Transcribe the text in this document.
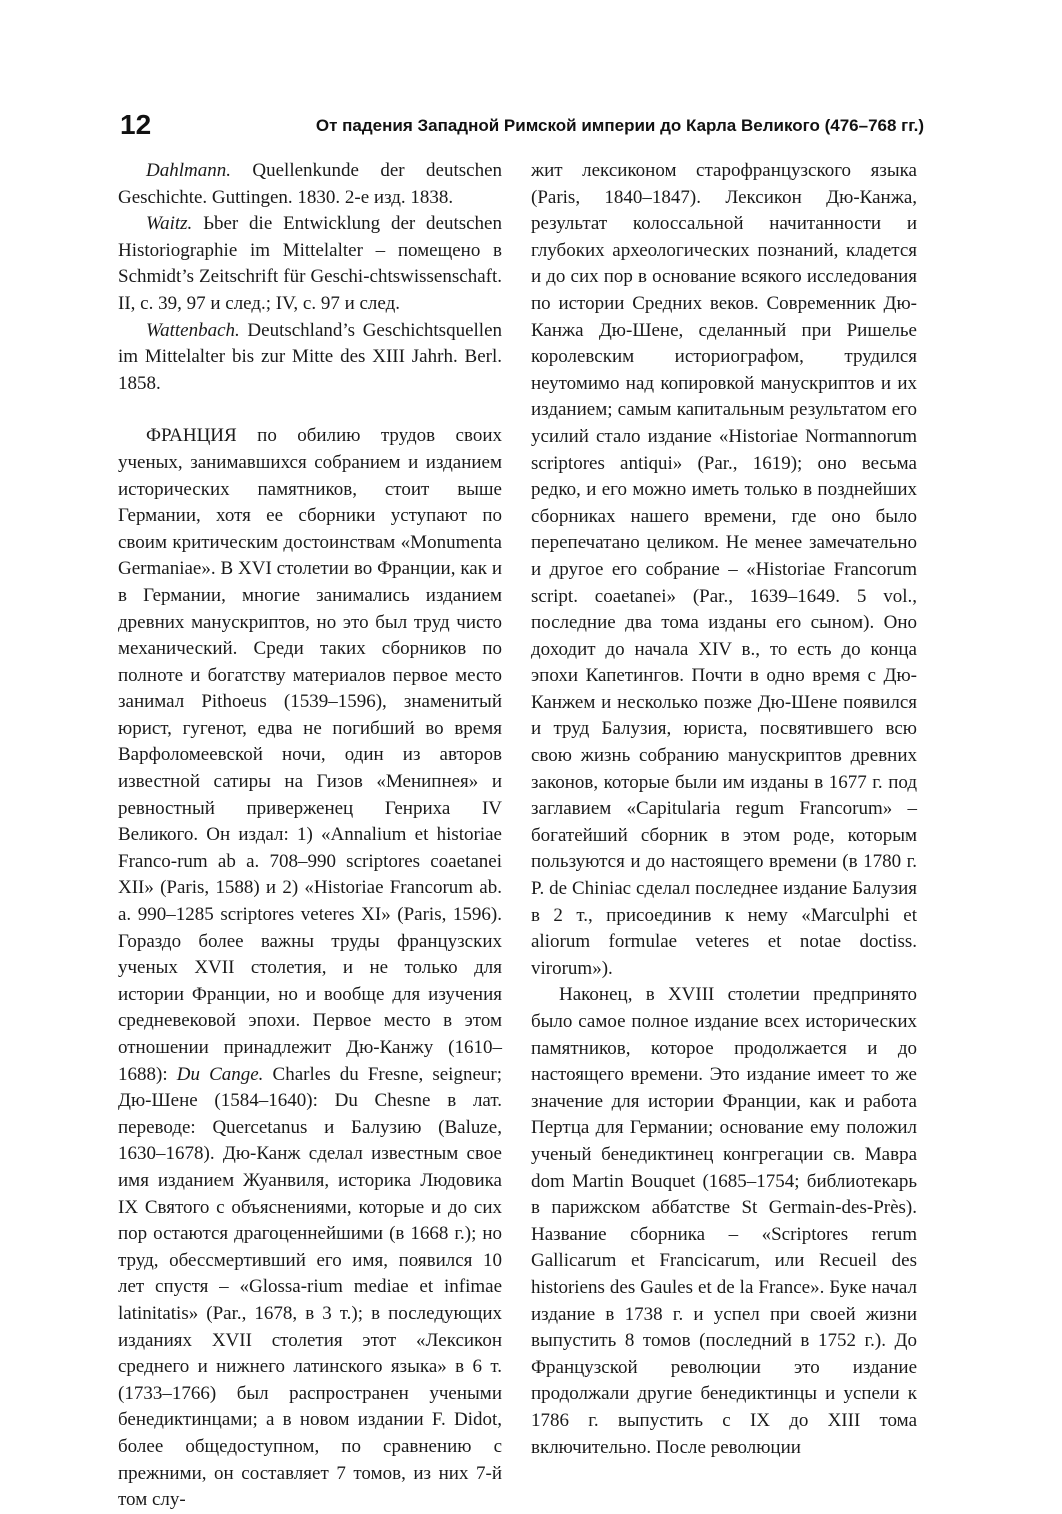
12	От падения Западной Римской империи до Карла Великого (476–768 гг.)

Dahlmann. Quellenkunde der deutschen Geschichte. Guttingen. 1830. 2-е изд. 1838.

Waitz. Ьber die Entwicklung der deutschen Historiographie im Mittelalter – помещено в Schmidt’s Zeitschrift für Geschi-chtswissenschaft. II, с. 39, 97 и след.; IV, с. 97 и след.

Wattenbach. Deutschland’s Geschichtsquellen im Mittelalter bis zur Mitte des XIII Jahrh. Berl. 1858.

ФРАНЦИЯ по обилию трудов своих ученых, занимавшихся собранием и изданием исторических памятников, стоит выше Германии, хотя ее сборники уступают по своим критическим достоинствам «Monumenta Germaniae». В XVI столетии во Франции, как и в Германии, многие занимались изданием древних манускриптов, но это был труд чисто механический. Среди таких сборников по полноте и богатству материалов первое место занимал Pithoeus (1539–1596), знаменитый юрист, гугенот, едва не погибший во время Варфоломеевской ночи, один из авторов известной сатиры на Гизов «Менипнея» и ревностный приверженец Генриха IV Великого. Он издал: 1) «Annalium et historiae Franco-rum ab a. 708–990 scriptores coaetanei XII» (Paris, 1588) и 2) «Historiae Francorum ab. a. 990–1285 scriptores veteres XI» (Paris, 1596). Гораздо более важны труды французских ученых XVII столетия, и не только для истории Франции, но и вообще для изучения средневековой эпохи. Первое место в этом отношении принадлежит Дю-Канжу (1610–1688): Du Cange. Charles du Fresne, seigneur; Дю-Шене (1584–1640): Du Chesne в лат. переводе: Quercetanus и Балузию (Baluze, 1630–1678). Дю-Канж сделал известным свое имя изданием Жуанвиля, историка Людовика IX Святого с объяснениями, которые и до сих пор остаются драгоценнейшими (в 1668 г.); но труд, обессмертивший его имя, появился 10 лет спустя – «Glossa-rium mediae et infimae latinitatis» (Par., 1678, в 3 т.); в последующих изданиях XVII столетия этот «Лексикон среднего и нижнего латинского языка» в 6 т. (1733–1766) был распространен учеными бенедиктинцами; а в новом издании F. Didot, более общедоступном, по сравнению с прежними, он составляет 7 томов, из них 7-й том слу-

жит лексиконом старофранцузского языка (Paris, 1840–1847). Лексикон Дю-Канжа, результат колоссальной начитанности и глубоких археологических познаний, кладется и до сих пор в основание всякого исследования по истории Средних веков. Современник Дю-Канжа Дю-Шене, сделанный при Ришелье королевским историографом, трудился неутомимо над копировкой манускриптов и их изданием; самым капитальным результатом его усилий стало издание «Historiae Normannorum scriptores antiqui» (Par., 1619); оно весьма редко, и его можно иметь только в позднейших сборниках нашего времени, где оно было перепечатано целиком. Не менее замечательно и другое его собрание – «Historiae Francorum script. coaetanei» (Par., 1639–1649. 5 vol., последние два тома изданы его сыном). Оно доходит до начала XIV в., то есть до конца эпохи Капетингов. Почти в одно время с Дю-Канжем и несколько позже Дю-Шене появился и труд Балузия, юриста, посвятившего всю свою жизнь собранию манускриптов древних законов, которые были им изданы в 1677 г. под заглавием «Capitularia regum Francorum» – богатейший сборник в этом роде, которым пользуются и до настоящего времени (в 1780 г. P. de Chiniac сделал последнее издание Балузия в 2 т., присоединив к нему «Marculphi et aliorum formulae veteres et notae doctiss. virorum»).

Наконец, в XVIII столетии предпринято было самое полное издание всех исторических памятников, которое продолжается и до настоящего времени. Это издание имеет то же значение для истории Франции, как и работа Пертца для Германии; основание ему положил ученый бенедиктинец конгрегации св. Мавра dom Martin Bouquet (1685–1754; библиотекарь в парижском аббатстве St Germain-des-Près). Название сборника – «Scriptores rerum Gallicarum et Francicarum, или Recueil des historiens des Gaules et de la France». Буке начал издание в 1738 г. и успел при своей жизни выпустить 8 томов (последний в 1752 г.). До Французской революции это издание продолжали другие бенедиктинцы и успели к 1786 г. выпустить с IX до XIII тома включительно. После революции
